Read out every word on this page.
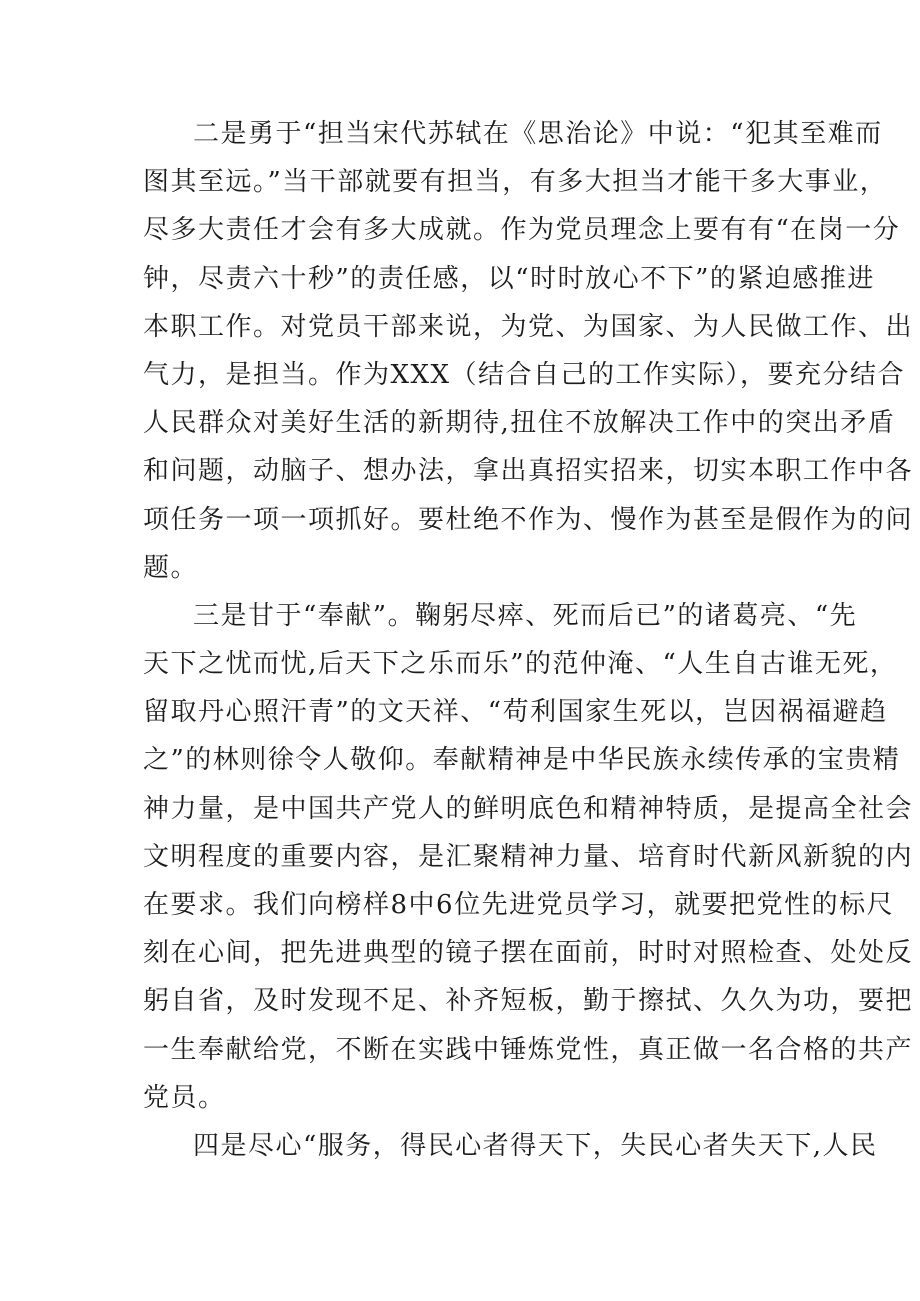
二是勇于“担当宋代苏轼在《思治论》中说：“犯其至难而
图其至远。”当干部就要有担当，有多大担当才能干多大事业，
尽多大责任才会有多大成就。作为党员理念上要有有“在岗一分
钟，尽责六十秒”的责任感，以“时时放心不下”的紧迫感推进
本职工作。对党员干部来说，为党、为国家、为人民做工作、出
气力，是担当。作为XXX（结合自己的工作实际），要充分结合
人民群众对美好生活的新期待,扭住不放解决工作中的突出矛盾
和问题，动脑子、想办法，拿出真招实招来，切实本职工作中各
项任务一项一项抓好。要杜绝不作为、慢作为甚至是假作为的问
题。
三是甘于“奉献”。鞠躬尽瘁、死而后已”的诸葛亮、“先
天下之忧而忧,后天下之乐而乐”的范仲淹、“人生自古谁无死，
留取丹心照汗青”的文天祥、“苟利国家生死以，岂因祸福避趋
之”的林则徐令人敬仰。奉献精神是中华民族永续传承的宝贵精
神力量，是中国共产党人的鲜明底色和精神特质，是提高全社会
文明程度的重要内容，是汇聚精神力量、培育时代新风新貌的内
在要求。我们向榜样8中6位先进党员学习，就要把党性的标尺
刻在心间，把先进典型的镜子摆在面前，时时对照检查、处处反
躬自省，及时发现不足、补齐短板，勤于擦拭、久久为功，要把
一生奉献给党，不断在实践中锤炼党性，真正做一名合格的共产
党员。
四是尽心“服务，得民心者得天下，失民心者失天下,人民
